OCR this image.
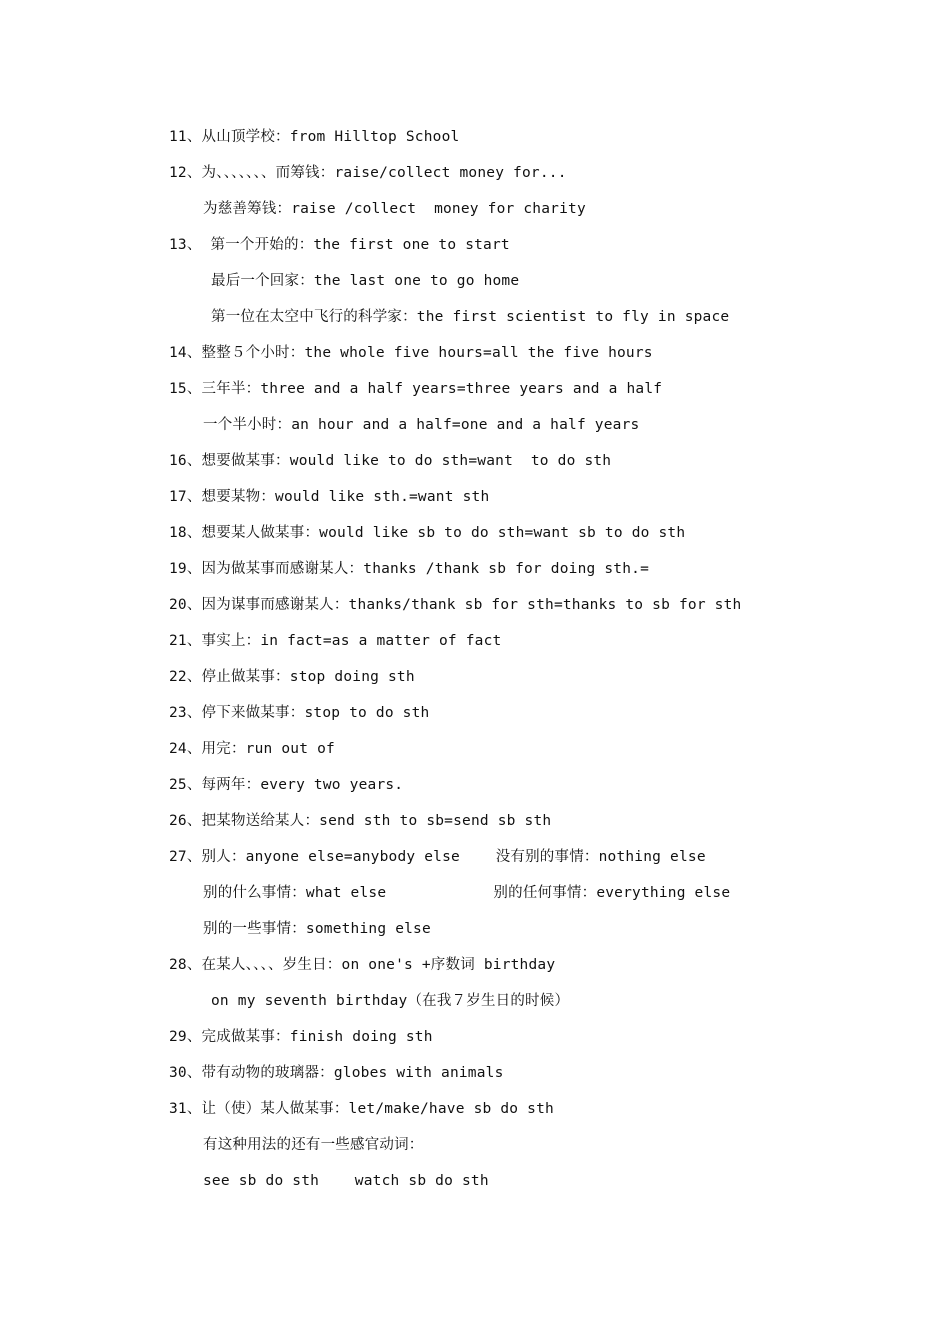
11、从山顶学校：from Hilltop School
12、为、、、、、、、而筹钱：raise/collect money for...
为慈善筹钱：raise /collect  money for charity
13、 第一个开始的：the first one to start
最后一个回家：the last one to go home
第一位在太空中飞行的科学家：the first scientist to fly in space
14、整整５个小时：the whole five hours=all the five hours
15、三年半：three and a half years=three years and a half
一个半小时：an hour and a half=one and a half years
16、想要做某事：would like to do sth=want  to do sth
17、想要某物：would like sth.=want sth
18、想要某人做某事：would like sb to do sth=want sb to do sth
19、因为做某事而感谢某人：thanks /thank sb for doing sth.=
20、因为谋事而感谢某人：thanks/thank sb for sth=thanks to sb for sth
21、事实上：in fact=as a matter of fact
22、停止做某事：stop doing sth
23、停下来做某事：stop to do sth
24、用完：run out of
25、每两年：every two years.
26、把某物送给某人：send sth to sb=send sb sth
27、别人：anyone else=anybody else    没有别的事情：nothing else
别的什么事情：what else            别的任何事情：everything else
别的一些事情：something else
28、在某人、、、、岁生日：on one's +序数词 birthday
on my seventh birthday（在我７岁生日的时候）
29、完成做某事：finish doing sth
30、带有动物的玻璃器：globes with animals
31、让（使）某人做某事：let/make/have sb do sth
有这种用法的还有一些感官动词：
see sb do sth    watch sb do sth
